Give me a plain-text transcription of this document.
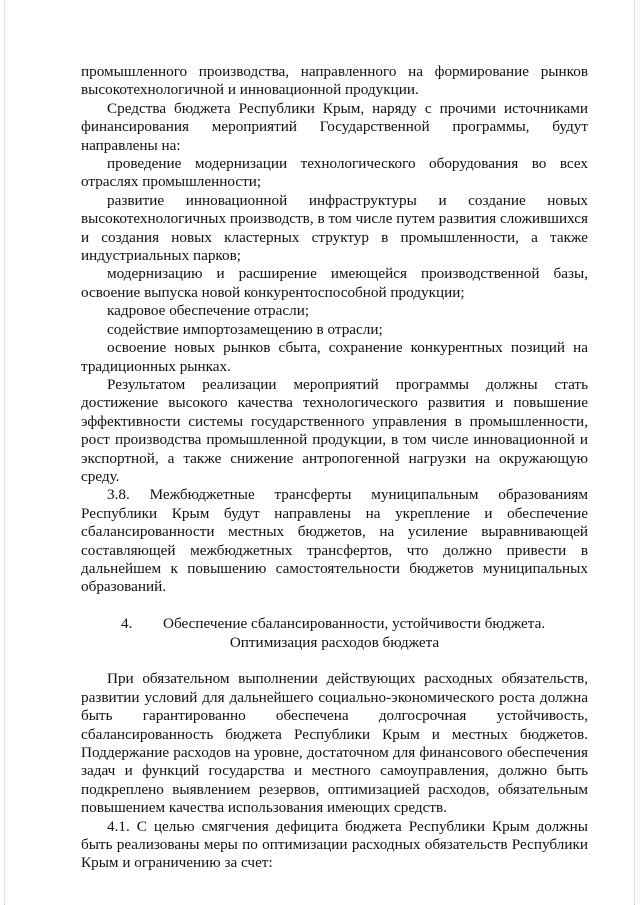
промышленного производства, направленного на формирование рынков высокотехнологичной и инновационной продукции.

Средства бюджета Республики Крым, наряду с прочими источниками финансирования мероприятий Государственной программы, будут направлены на:

проведение модернизации технологического оборудования во всех отраслях промышленности;

развитие инновационной инфраструктуры и создание новых высокотехнологичных производств, в том числе путем развития сложившихся и создания новых кластерных структур в промышленности, а также индустриальных парков;

модернизацию и расширение имеющейся производственной базы, освоение выпуска новой конкурентоспособной продукции;

кадровое обеспечение отрасли;

содействие импортозамещению в отрасли;

освоение новых рынков сбыта, сохранение конкурентных позиций на традиционных рынках.

Результатом реализации мероприятий программы должны стать достижение высокого качества технологического развития и повышение эффективности системы государственного управления в промышленности, рост производства промышленной продукции, в том числе инновационной и экспортной, а также снижение антропогенной нагрузки на окружающую среду.

3.8. Межбюджетные трансферты муниципальным образованиям Республики Крым будут направлены на укрепление и обеспечение сбалансированности местных бюджетов, на усиление выравнивающей составляющей межбюджетных трансфертов, что должно привести в дальнейшем к повышению самостоятельности бюджетов муниципальных образований.

4. Обеспечение сбалансированности, устойчивости бюджета.
Оптимизация расходов бюджета

При обязательном выполнении действующих расходных обязательств, развитии условий для дальнейшего социально-экономического роста должна быть гарантированно обеспечена долгосрочная устойчивость, сбалансированность бюджета Республики Крым и местных бюджетов. Поддержание расходов на уровне, достаточном для финансового обеспечения задач и функций государства и местного самоуправления, должно быть подкреплено выявлением резервов, оптимизацией расходов, обязательным повышением качества использования имеющих средств.

4.1. С целью смягчения дефицита бюджета Республики Крым должны быть реализованы меры по оптимизации расходных обязательств Республики Крым и ограничению за счет:
